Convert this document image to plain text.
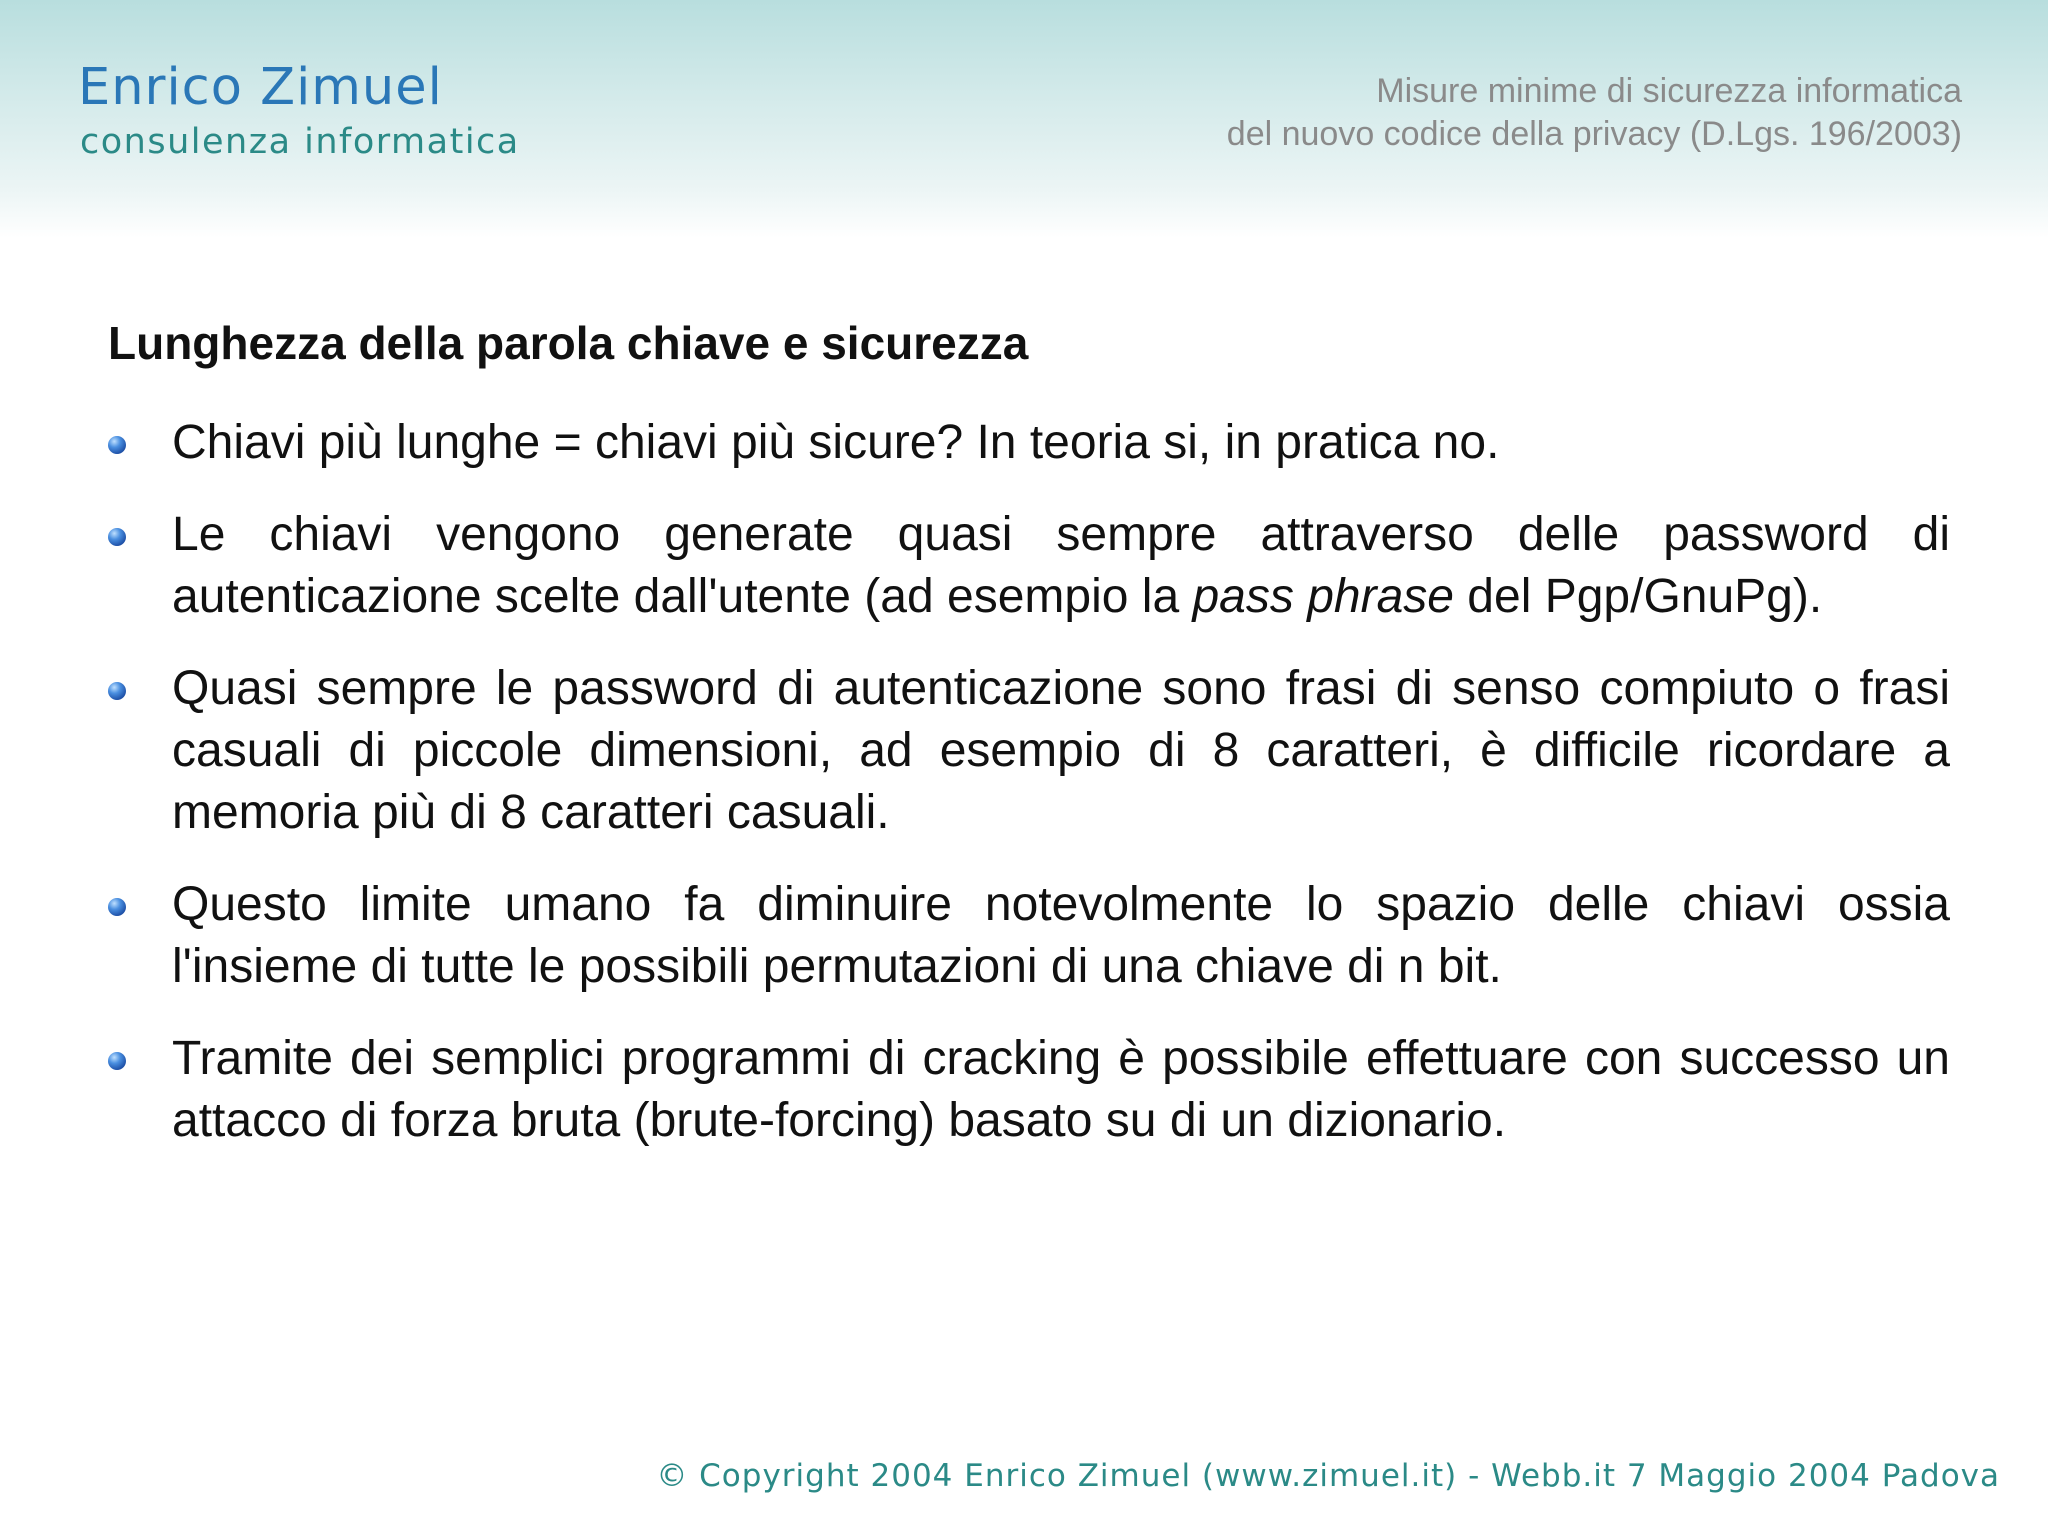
Enrico Zimuel
consulenza informatica
Misure minime di sicurezza informatica
del nuovo codice della privacy (D.Lgs. 196/2003)
Lunghezza della parola chiave e sicurezza
Chiavi più lunghe = chiavi più sicure? In teoria si, in pratica no.
Le chiavi vengono generate quasi sempre attraverso delle password di autenticazione scelte dall'utente (ad esempio la pass phrase del Pgp/GnuPg).
Quasi sempre le password di autenticazione sono frasi di senso compiuto o frasi casuali di piccole dimensioni, ad esempio di 8 caratteri, è difficile ricordare a memoria più di 8 caratteri casuali.
Questo limite umano fa diminuire notevolmente lo spazio delle chiavi ossia l'insieme di tutte le possibili permutazioni di una chiave di n bit.
Tramite dei semplici programmi di cracking è possibile effettuare con successo un attacco di forza bruta (brute-forcing) basato su di un dizionario.
© Copyright 2004 Enrico Zimuel (www.zimuel.it) - Webb.it 7 Maggio 2004 Padova
